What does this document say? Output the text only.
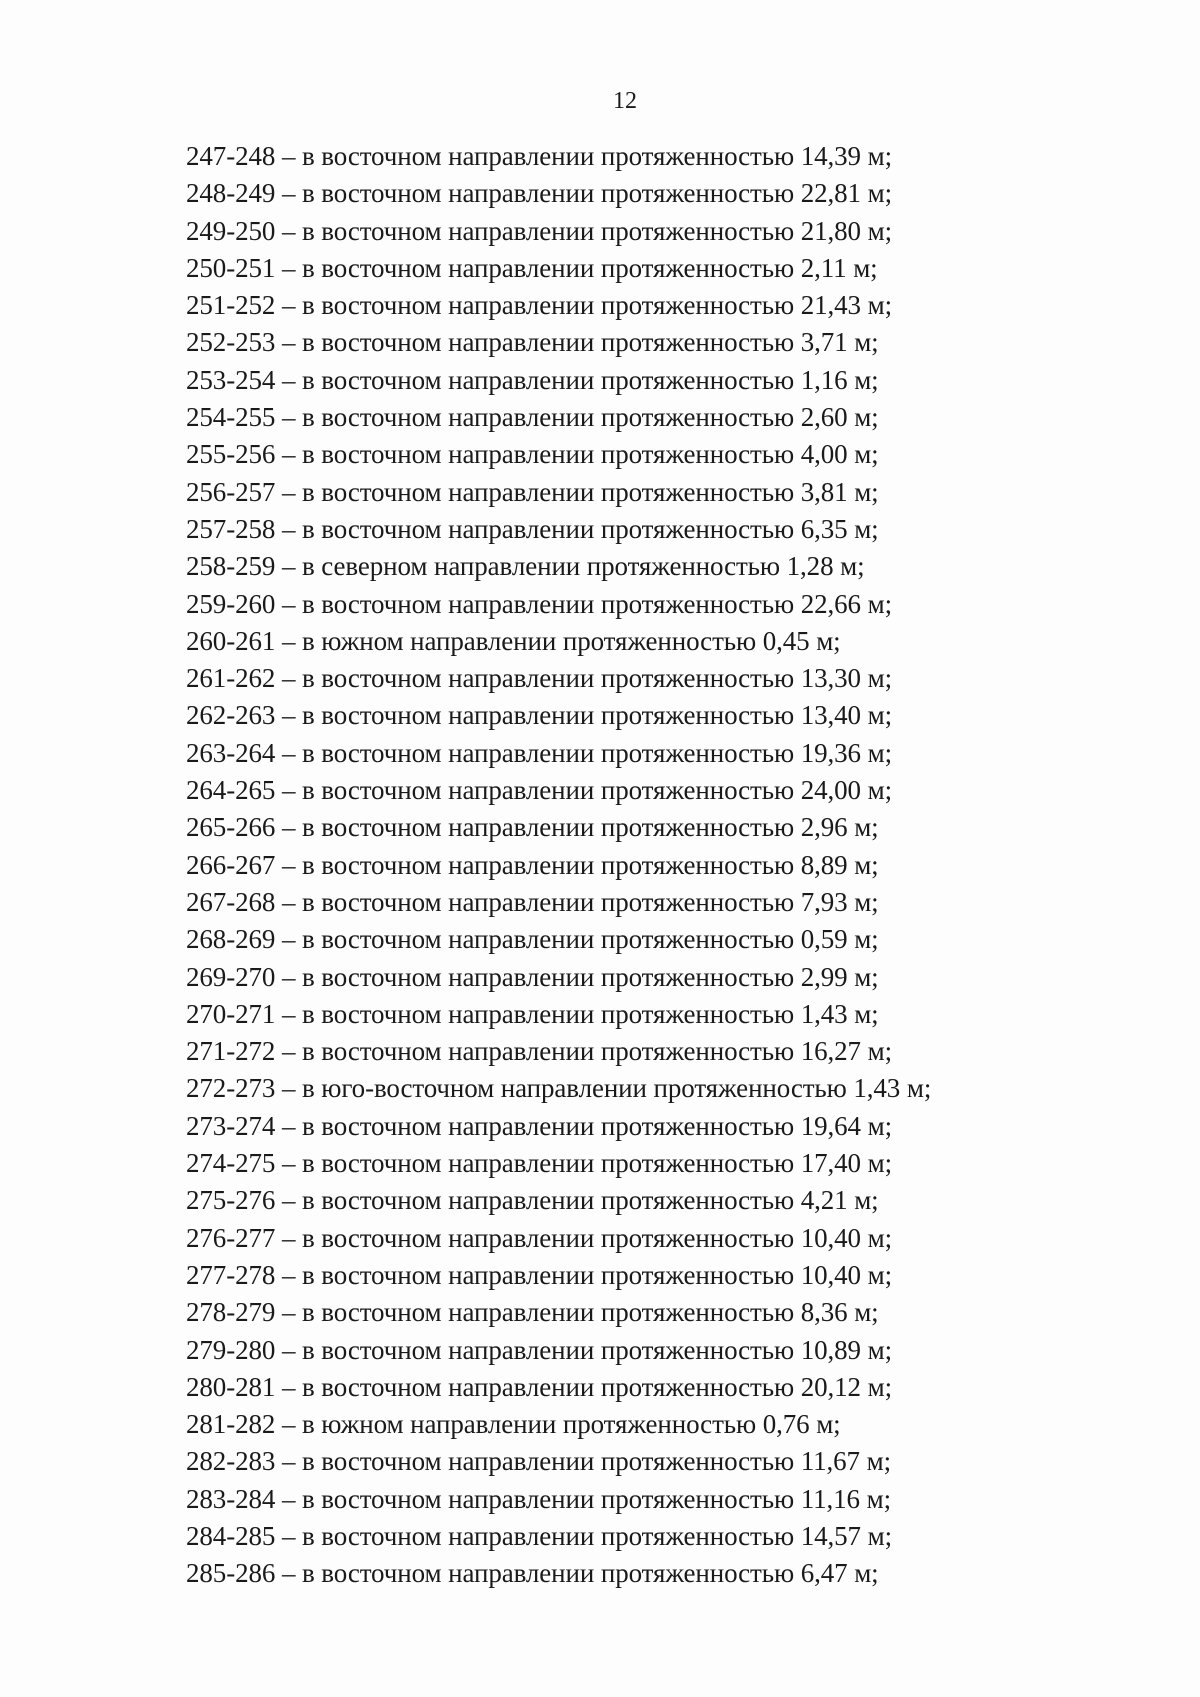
12
247-248 – в восточном направлении протяженностью 14,39 м;
248-249 – в восточном направлении протяженностью 22,81 м;
249-250 – в восточном направлении протяженностью 21,80 м;
250-251 – в восточном направлении протяженностью 2,11 м;
251-252 – в восточном направлении протяженностью 21,43 м;
252-253 – в восточном направлении протяженностью 3,71 м;
253-254 – в восточном направлении протяженностью 1,16 м;
254-255 – в восточном направлении протяженностью 2,60 м;
255-256 – в восточном направлении протяженностью 4,00 м;
256-257 – в восточном направлении протяженностью 3,81 м;
257-258 – в восточном направлении протяженностью 6,35 м;
258-259 – в северном направлении протяженностью 1,28 м;
259-260 – в восточном направлении протяженностью 22,66 м;
260-261 – в южном направлении протяженностью 0,45 м;
261-262 – в восточном направлении протяженностью 13,30 м;
262-263 – в восточном направлении протяженностью 13,40 м;
263-264 – в восточном направлении протяженностью 19,36 м;
264-265 – в восточном направлении протяженностью 24,00 м;
265-266 – в восточном направлении протяженностью 2,96 м;
266-267 – в восточном направлении протяженностью 8,89 м;
267-268 – в восточном направлении протяженностью 7,93 м;
268-269 – в восточном направлении протяженностью 0,59 м;
269-270 – в восточном направлении протяженностью 2,99 м;
270-271 – в восточном направлении протяженностью 1,43 м;
271-272 – в восточном направлении протяженностью 16,27 м;
272-273 – в юго-восточном направлении протяженностью 1,43 м;
273-274 – в восточном направлении протяженностью 19,64 м;
274-275 – в восточном направлении протяженностью 17,40 м;
275-276 – в восточном направлении протяженностью 4,21 м;
276-277 – в восточном направлении протяженностью 10,40 м;
277-278 – в восточном направлении протяженностью 10,40 м;
278-279 – в восточном направлении протяженностью 8,36 м;
279-280 – в восточном направлении протяженностью 10,89 м;
280-281 – в восточном направлении протяженностью 20,12 м;
281-282 – в южном направлении протяженностью 0,76 м;
282-283 – в восточном направлении протяженностью 11,67 м;
283-284 – в восточном направлении протяженностью 11,16 м;
284-285 – в восточном направлении протяженностью 14,57 м;
285-286 – в восточном направлении протяженностью 6,47 м;
